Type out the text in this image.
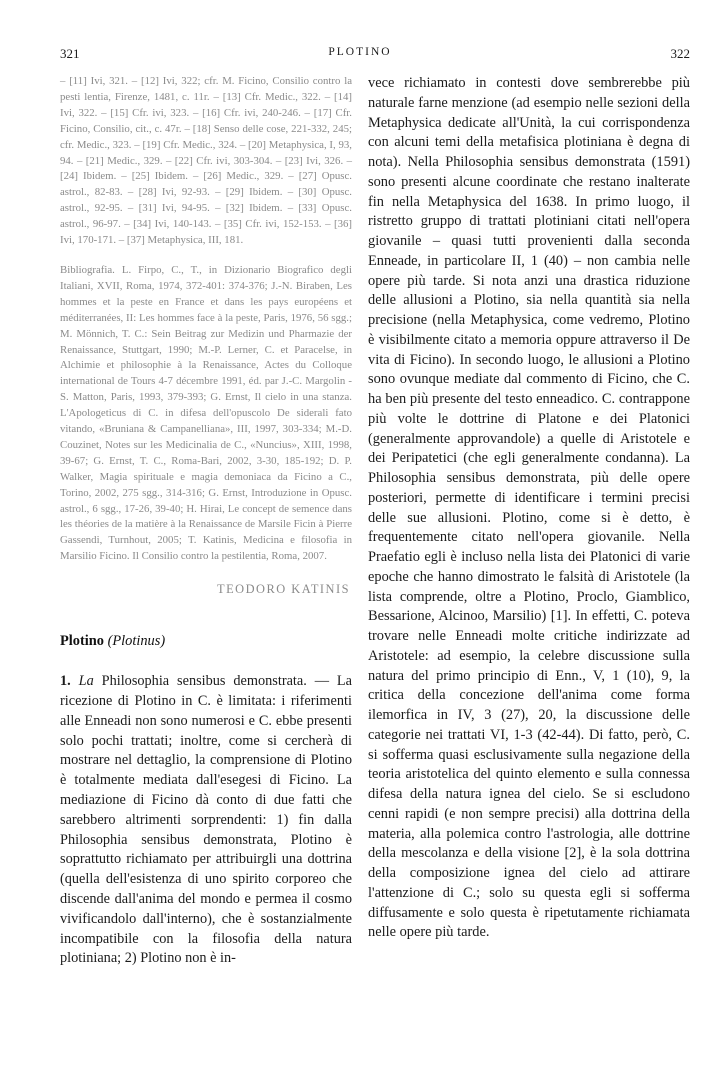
321	PLOTINO	322

– [11] Ivi, 321. – [12] Ivi, 322; cfr. M. Ficino, Consilio contro la pesti lentia, Firenze, 1481, c. 11r. – [13] Cfr. Medic., 322. – [14] Ivi, 322. – [15] Cfr. ivi, 323. – [16] Cfr. ivi, 240-246. – [17] Cfr. Ficino, Consilio, cit., c. 47r. – [18] Senso delle cose, 221-332, 245; cfr. Medic., 323. – [19] Cfr. Medic., 324. – [20] Metaphysica, I, 93, 94. – [21] Medic., 329. – [22] Cfr. ivi, 303-304. – [23] Ivi, 326. – [24] Ibidem. – [25] Ibidem. – [26] Medic., 329. – [27] Opusc. astrol., 82-83. – [28] Ivi, 92-93. – [29] Ibidem. – [30] Opusc. astrol., 92-95. – [31] Ivi, 94-95. – [32] Ibidem. – [33] Opusc. astrol., 96-97. – [34] Ivi, 140-143. – [35] Cfr. ivi, 152-153. – [36] Ivi, 170-171. – [37] Metaphysica, III, 181.

Bibliografia. L. Firpo, C., T., in Dizionario Biografico degli Italiani, XVII, Roma, 1974, 372-401: 374-376; J.-N. Biraben, Les hommes et la peste en France et dans les pays européens et méditerranées, II: Les hommes face à la peste, Paris, 1976, 56 sgg.; M. Mönnich, T. C.: Sein Beitrag zur Medizin und Pharmazie der Renaissance, Stuttgart, 1990; M.-P. Lerner, C. et Paracelse, in Alchimie et philosophie à la Renaissance, Actes du Colloque international de Tours 4-7 décembre 1991, éd. par J.-C. Margolin - S. Matton, Paris, 1993, 379-393; G. Ernst, Il cielo in una stanza. L'Apologeticus di C. in difesa dell'opuscolo De siderali fato vitando, «Bruniana & Campanelliana», III, 1997, 303-334; M.-D. Couzinet, Notes sur les Medicinalia de C., «Nuncius», XIII, 1998, 39-67; G. Ernst, T. C., Roma-Bari, 2002, 3-30, 185-192; D. P. Walker, Magia spirituale e magia demoniaca da Ficino a C., Torino, 2002, 275 sgg., 314-316; G. Ernst, Introduzione in Opusc. astrol., 6 sgg., 17-26, 39-40; H. Hirai, Le concept de semence dans les théories de la matière à la Renaissance de Marsile Ficin à Pierre Gassendi, Turnhout, 2005; T. Katinis, Medicina e filosofia in Marsilio Ficino. Il Consilio contro la pestilentia, Roma, 2007.

TEODORO KATINIS
Plotino (Plotinus)
1. La Philosophia sensibus demonstrata. — La ricezione di Plotino in C. è limitata: i riferimenti alle Enneadi non sono numerosi e C. ebbe presenti solo pochi trattati; inoltre, come si cercherà di mostrare nel dettaglio, la comprensione di Plotino è totalmente mediata dall'esegesi di Ficino. La mediazione di Ficino dà conto di due fatti che sarebbero altrimenti sorprendenti: 1) fin dalla Philosophia sensibus demonstrata, Plotino è soprattutto richiamato per attribuirgli una dottrina (quella dell'esistenza di uno spirito corporeo che discende dall'anima del mondo e permea il cosmo vivificandolo dall'interno), che è sostanzialmente incompatibile con la filosofia della natura plotiniana; 2) Plotino non è in-

vece richiamato in contesti dove sembrerebbe più naturale farne menzione (ad esempio nelle sezioni della Metaphysica dedicate all'Unità, la cui corrispondenza con alcuni temi della metafisica plotiniana è degna di nota). Nella Philosophia sensibus demonstrata (1591) sono presenti alcune coordinate che restano inalterate fin nella Metaphysica del 1638. In primo luogo, il ristretto gruppo di trattati plotiniani citati nell'opera giovanile – quasi tutti provenienti dalla seconda Enneade, in particolare II, 1 (40) – non cambia nelle opere più tarde. Si nota anzi una drastica riduzione delle allusioni a Plotino, sia nella quantità sia nella precisione (nella Metaphysica, come vedremo, Plotino è visibilmente citato a memoria oppure attraverso il De vita di Ficino). In secondo luogo, le allusioni a Plotino sono ovunque mediate dal commento di Ficino, che C. ha ben più presente del testo enneadico. C. contrappone più volte le dottrine di Platone e dei Platonici (generalmente approvandole) a quelle di Aristotele e dei Peripatetici (che egli generalmente condanna). La Philosophia sensibus demonstrata, più delle opere posteriori, permette di identificare i termini precisi delle sue allusioni. Plotino, come si è detto, è frequentemente citato nell'opera giovanile. Nella Praefatio egli è incluso nella lista dei Platonici di varie epoche che hanno dimostrato le falsità di Aristotele (la lista comprende, oltre a Plotino, Proclo, Giamblico, Bessarione, Alcinoo, Marsilio) [1]. In effetti, C. poteva trovare nelle Enneadi molte critiche indirizzate ad Aristotele: ad esempio, la celebre discussione sulla natura del primo principio di Enn., V, 1 (10), 9, la critica della concezione dell'anima come forma ilemorfica in IV, 3 (27), 20, la discussione delle categorie nei trattati VI, 1-3 (42-44). Di fatto, però, C. si sofferma quasi esclusivamente sulla negazione della teoria aristotelica del quinto elemento e sulla connessa difesa della natura ignea del cielo. Se si escludono cenni rapidi (e non sempre precisi) alla dottrina della materia, alla polemica contro l'astrologia, alle dottrine della mescolanza e della visione [2], è la sola dottrina della composizione ignea del cielo ad attirare l'attenzione di C.; solo su questa egli si sofferma diffusamente e solo questa è ripetutamente richiamata nelle opere più tarde.
